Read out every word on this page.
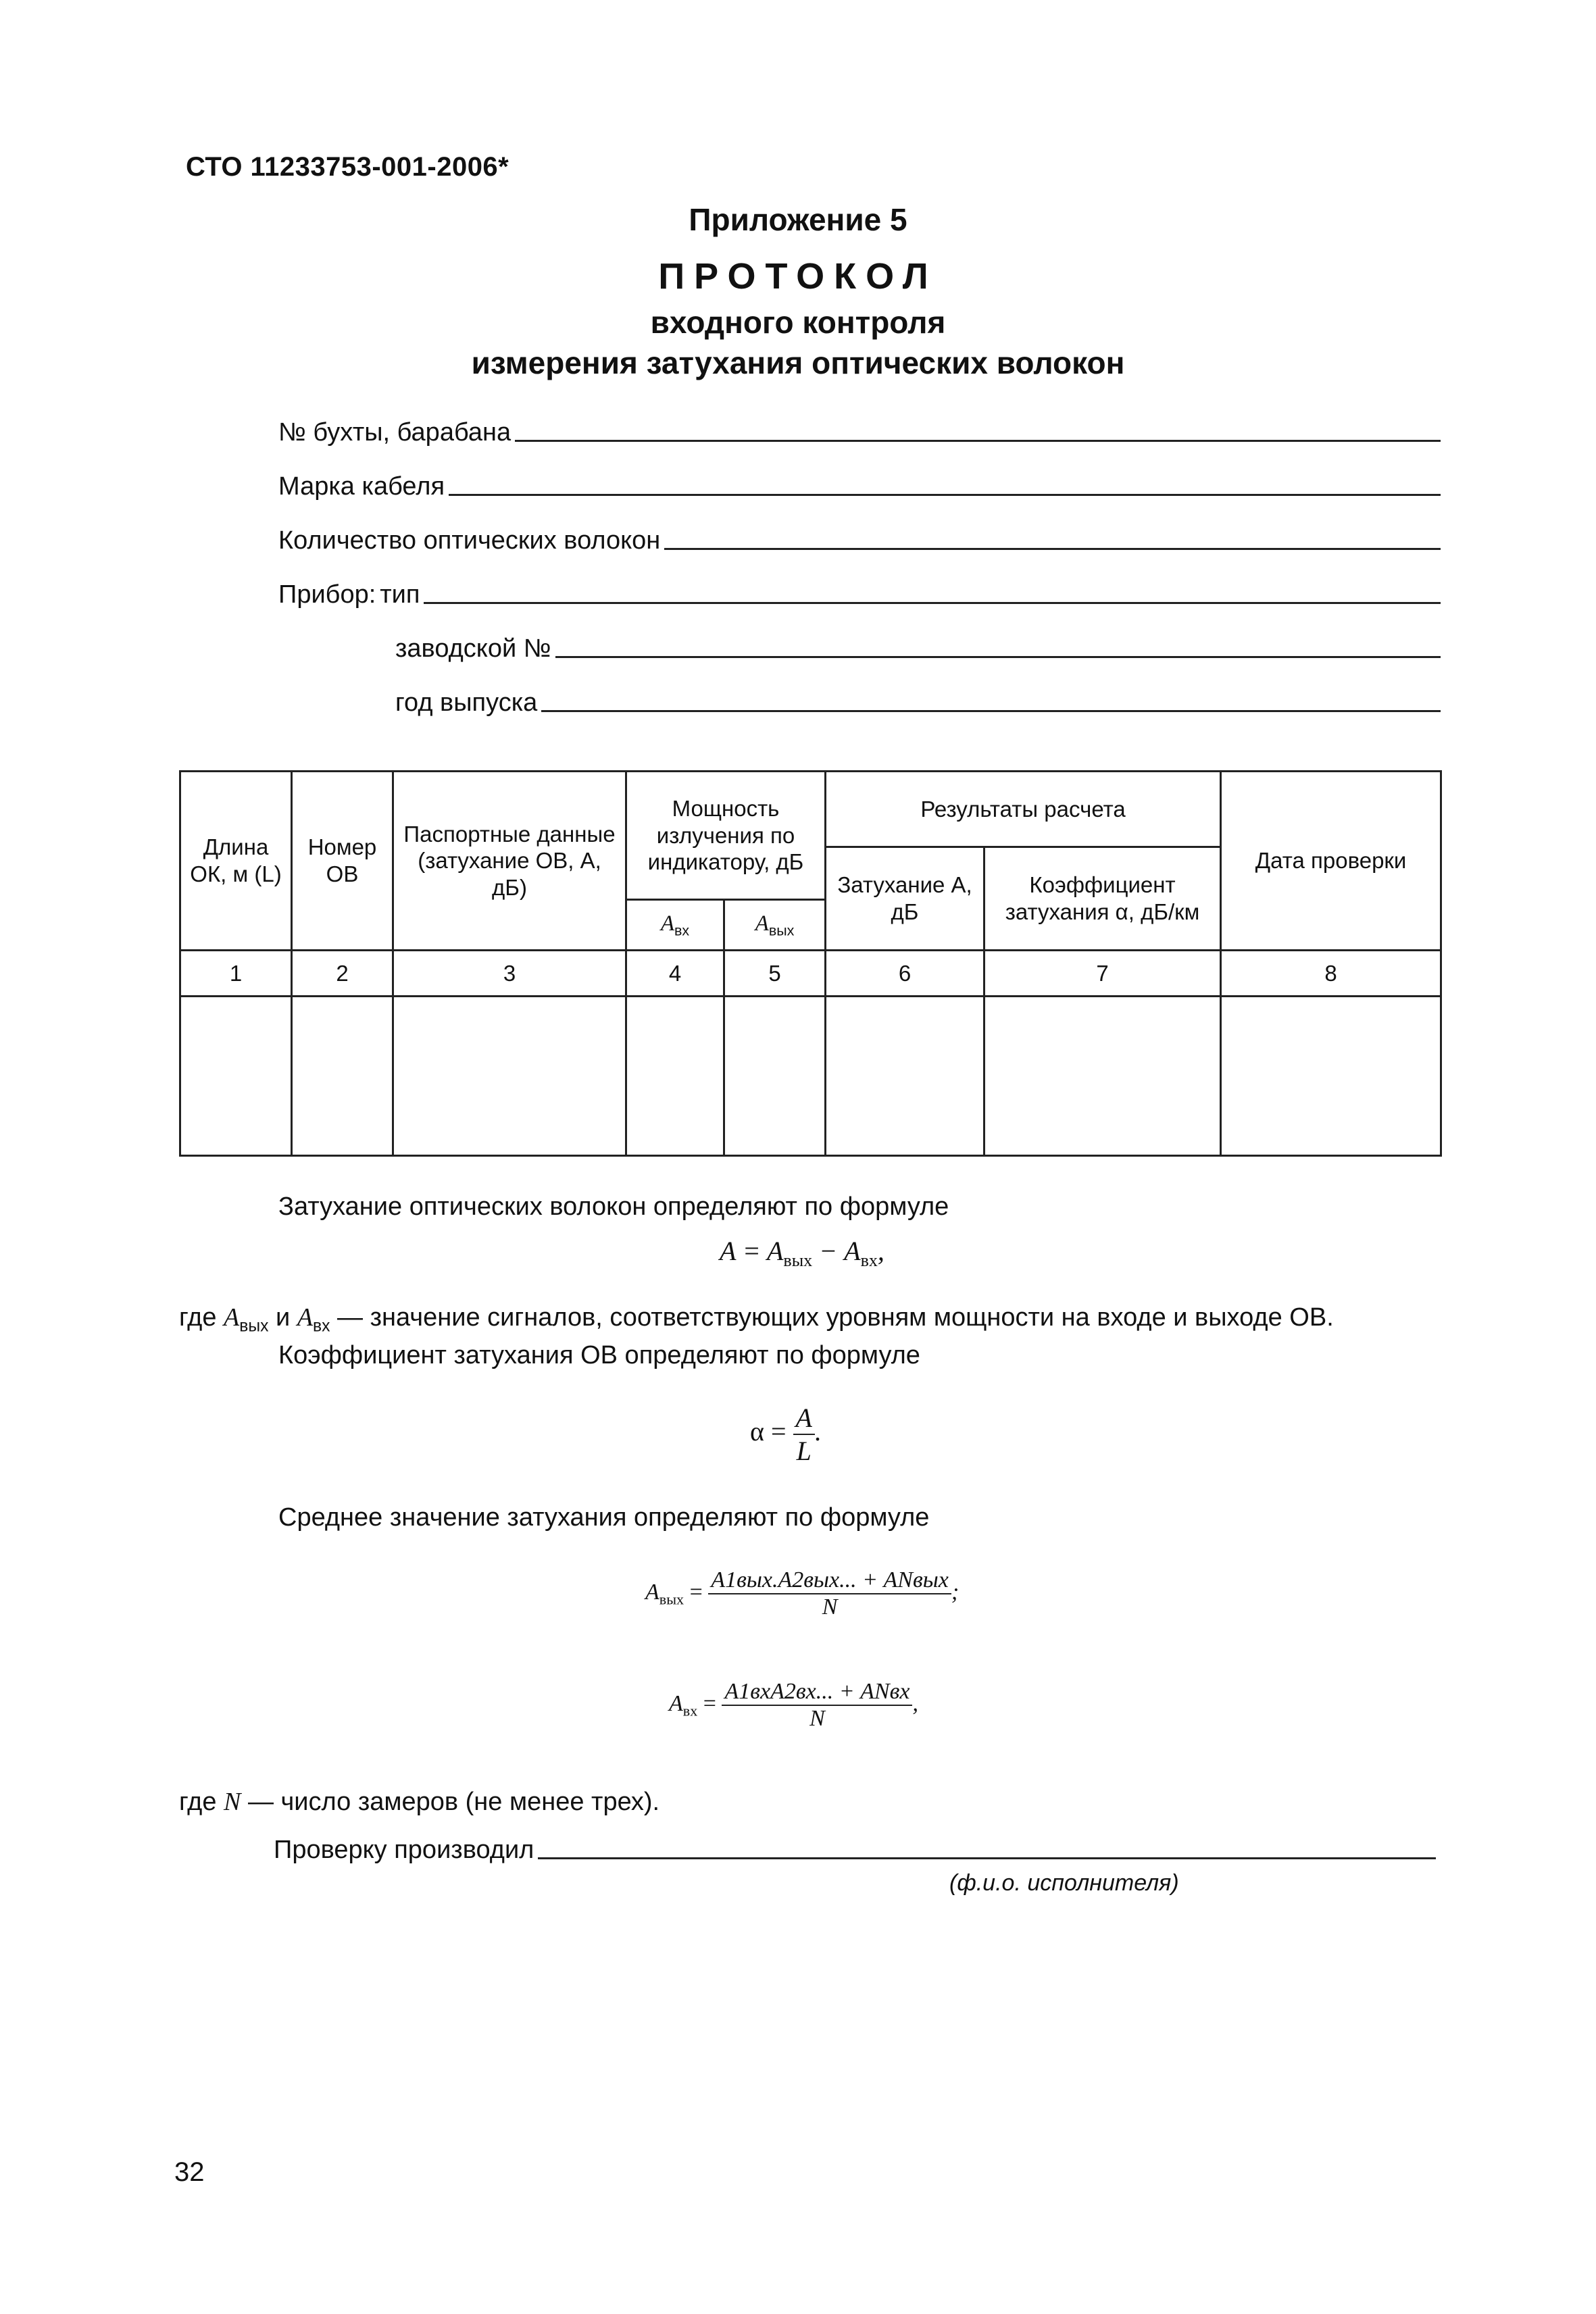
СТО 11233753-001-2006*
Приложение 5
ПРОТОКОЛ
входного контроля
измерения затухания оптических волокон
№ бухты, барабана
Марка кабеля
Количество оптических волокон
Прибор: тип
заводской №
год выпуска
Длина ОК, м (L)	Номер ОВ	Паспортные данные (затухание ОВ, А, дБ)	Мощность излучения по индикатору, дБ		Результаты расчета		Дата проверки
					Затухание А, дБ	Коэффициент затухания α, дБ/км	
			$А_{вх}$	$А_{вых}$
1	2	3	4	5	6	7	8

Затухание оптических волокон определяют по формуле
$A = A_{вых} - A_{вх}$,
где $A_{вых}$ и $A_{вх}$ — значение сигналов, соответствующих уровням мощности на входе и выходе ОВ.
Коэффициент затухания ОВ определяют по формуле
$\alpha = \frac{A}{L}$ .
Среднее значение затухания определяют по формуле
$A_{вых} = \frac{\text{A1вых.A2вых... + ANвых}}{N}$ ;
$A_{вх} = \frac{\text{A1вхA2вх... + ANвх}}{N}$ ,
где N — число замеров (не менее трех).
Проверку производил
(ф.и.о. исполнителя)
32
